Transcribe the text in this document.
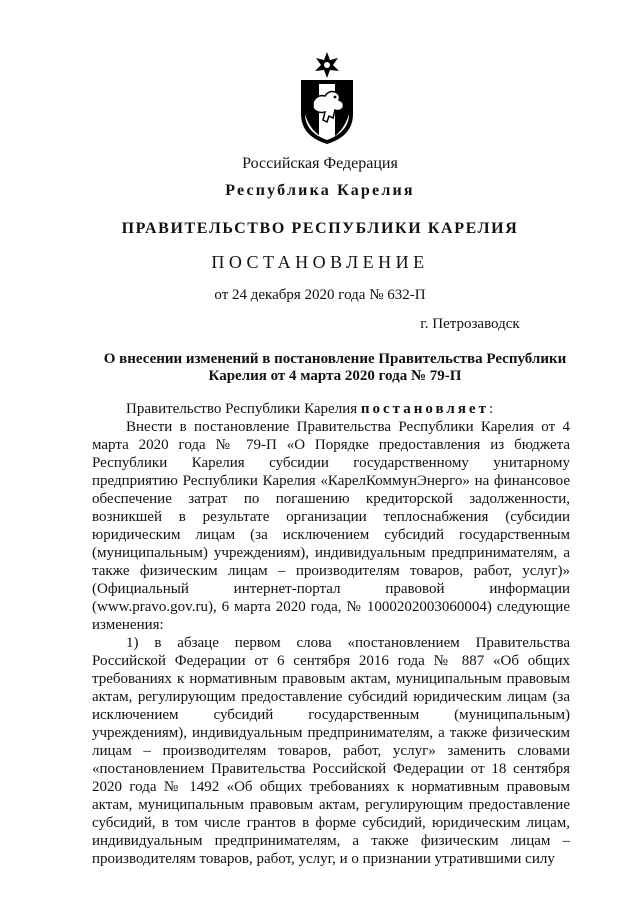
Российская Федерация
Республика Карелия
ПРАВИТЕЛЬСТВО РЕСПУБЛИКИ КАРЕЛИЯ
ПОСТАНОВЛЕНИЕ
от 24 декабря 2020 года № 632-П
г. Петрозаводск
О внесении изменений в постановление Правительства Республики Карелия от 4 марта 2020 года № 79-П

Правительство Республики Карелия постановляет:

Внести в постановление Правительства Республики Карелия от 4 марта 2020 года № 79-П «О Порядке предоставления из бюджета Республики Карелия субсидии государственному унитарному предприятию Республики Карелия «КарелКоммунЭнерго» на финансовое обеспечение затрат по погашению кредиторской задолженности, возникшей в результате организации теплоснабжения (субсидии юридическим лицам (за исключением субсидий государственным (муниципальным) учреждениям), индивидуальным предпринимателям, а также физическим лицам – производителям товаров, работ, услуг)» (Официальный интернет-портал правовой информации (www.pravo.gov.ru), 6 марта 2020 года, № 1000202003060004) следующие изменения:

1) в абзаце первом слова «постановлением Правительства Российской Федерации от 6 сентября 2016 года № 887 «Об общих требованиях к нормативным правовым актам, муниципальным правовым актам, регулирующим предоставление субсидий юридическим лицам (за исключением субсидий государственным (муниципальным) учреждениям), индивидуальным предпринимателям, а также физическим лицам – производителям товаров, работ, услуг» заменить словами «постановлением Правительства Российской Федерации от 18 сентября 2020 года № 1492 «Об общих требованиях к нормативным правовым актам, муниципальным правовым актам, регулирующим предоставление субсидий, в том числе грантов в форме субсидий, юридическим лицам, индивидуальным предпринимателям, а также физическим лицам – производителям товаров, работ, услуг, и о признании утратившими силу
